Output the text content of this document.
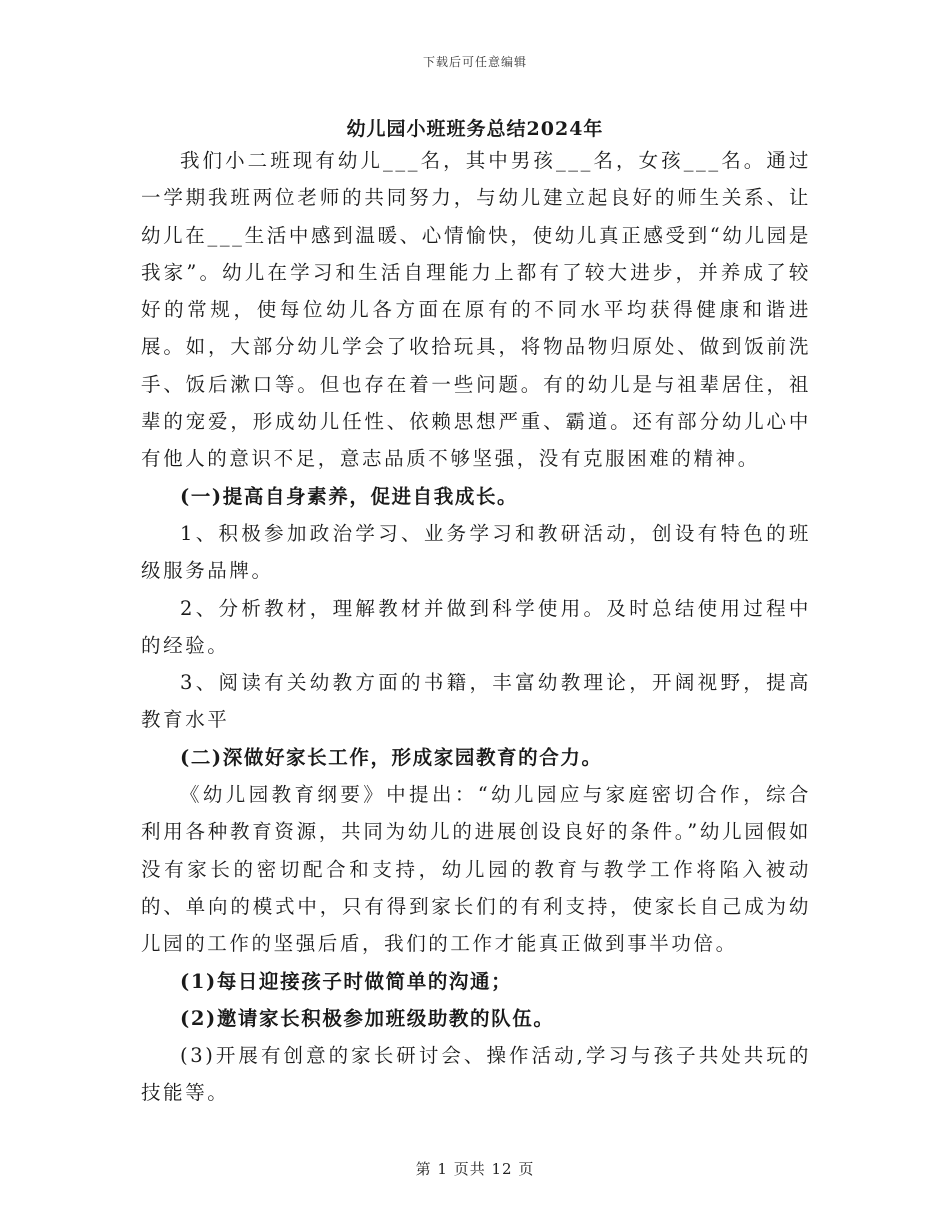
下载后可任意编辑
幼儿园小班班务总结2024年

我们小二班现有幼儿___名，其中男孩___名，女孩___名。通过一学期我班两位老师的共同努力，与幼儿建立起良好的师生关系、让幼儿在___生活中感到温暖、心情愉快，使幼儿真正感受到“幼儿园是我家”。幼儿在学习和生活自理能力上都有了较大进步，并养成了较好的常规，使每位幼儿各方面在原有的不同水平均获得健康和谐进展。如，大部分幼儿学会了收拾玩具，将物品物归原处、做到饭前洗手、饭后漱口等。但也存在着一些问题。有的幼儿是与祖辈居住，祖辈的宠爱，形成幼儿任性、依赖思想严重、霸道。还有部分幼儿心中有他人的意识不足，意志品质不够坚强，没有克服困难的精神。

(一)提高自身素养，促进自我成长。

1、积极参加政治学习、业务学习和教研活动，创设有特色的班级服务品牌。

2、分析教材，理解教材并做到科学使用。及时总结使用过程中的经验。

3、阅读有关幼教方面的书籍，丰富幼教理论，开阔视野，提高教育水平

(二)深做好家长工作，形成家园教育的合力。

《幼儿园教育纲要》中提出：“幼儿园应与家庭密切合作，综合利用各种教育资源，共同为幼儿的进展创设良好的条件。”幼儿园假如没有家长的密切配合和支持，幼儿园的教育与教学工作将陷入被动的、单向的模式中，只有得到家长们的有利支持，使家长自己成为幼儿园的工作的坚强后盾，我们的工作才能真正做到事半功倍。

(1)每日迎接孩子时做简单的沟通；

(2)邀请家长积极参加班级助教的队伍。

(3)开展有创意的家长研讨会、操作活动,学习与孩子共处共玩的技能等。

第 1 页共 12 页
